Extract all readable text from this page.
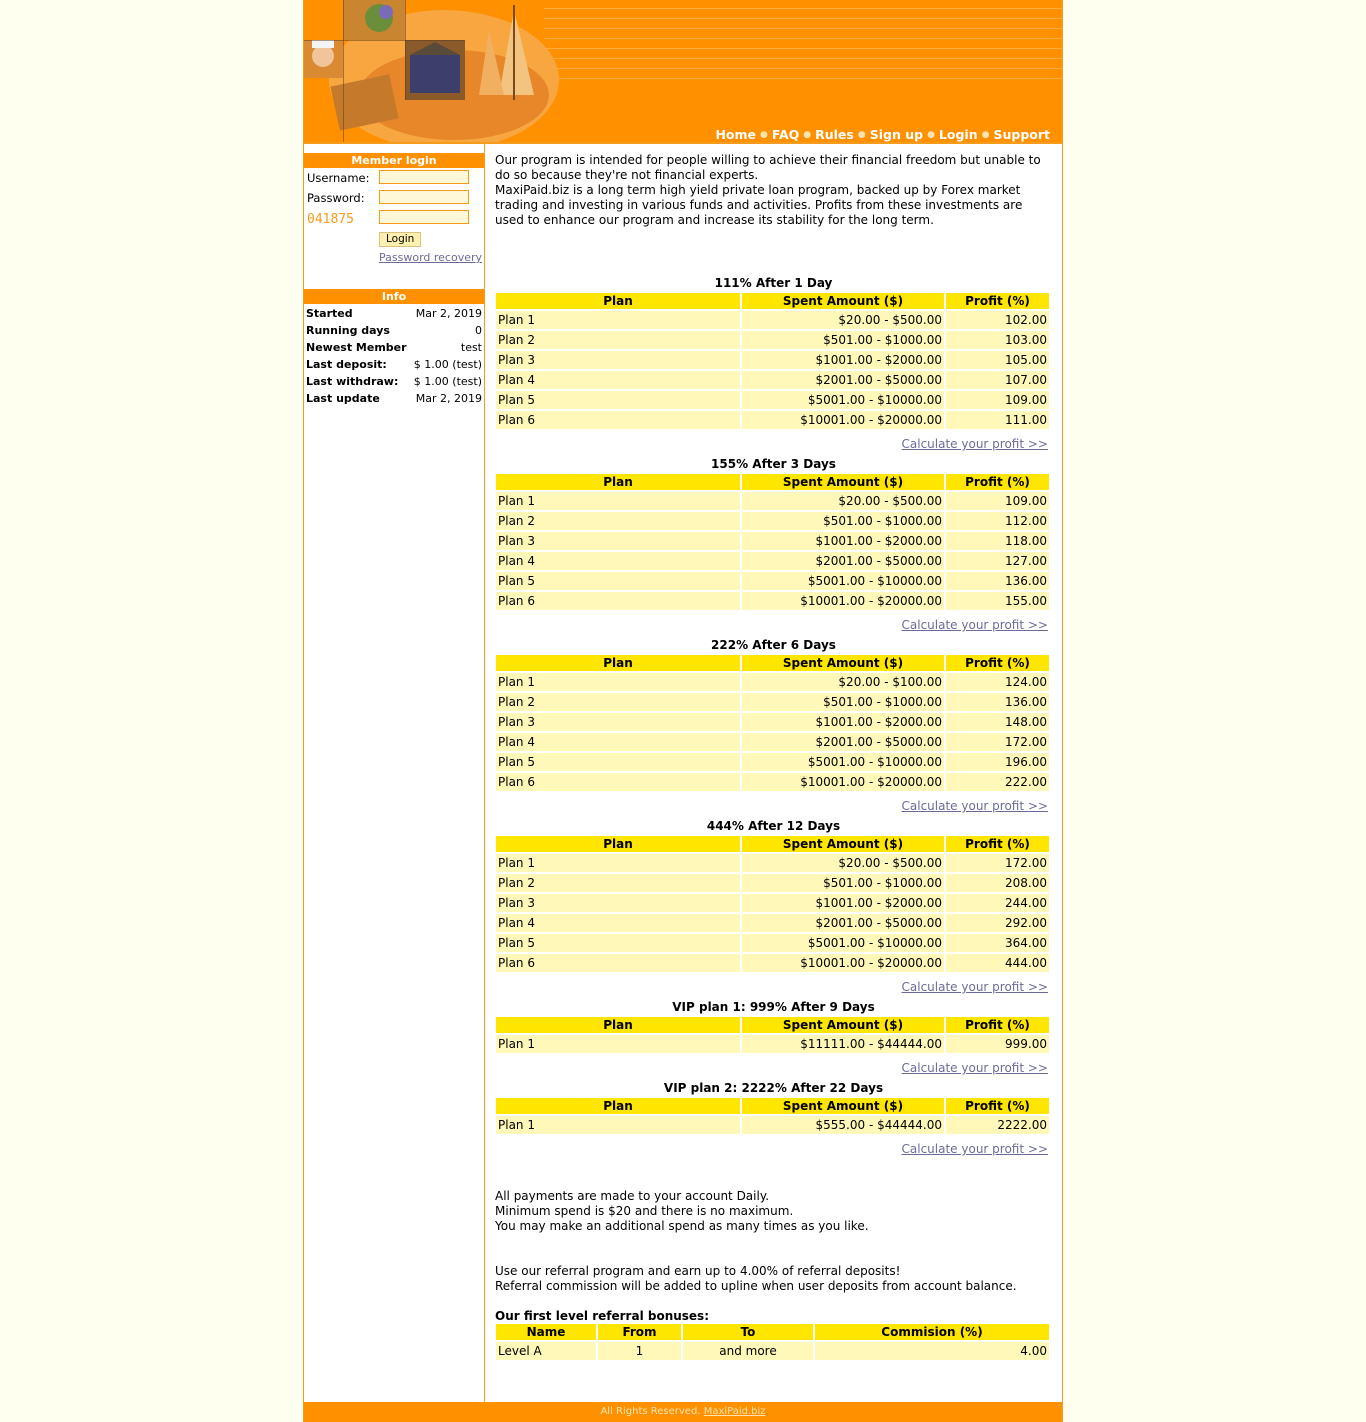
Home ● FAQ ● Rules ● Sign up ● Login ● Support
Member login
Username:
Password:
041875
Login
Password recovery
Info
Started	Mar 2, 2019
Running days	0
Newest Member	test
Last deposit: $ 1.00 (test)
Last withdraw: $ 1.00 (test)
Last update	Mar 2, 2019
Our program is intended for people willing to achieve their financial freedom but unable to
do so because they're not financial experts.
MaxiPaid.biz is a long term high yield private loan program, backed up by Forex market
trading and investing in various funds and activities. Profits from these investments are
used to enhance our program and increase its stability for the long term.
111% After 1 Day
Plan	Spent Amount ($)	Profit (%)
Plan 1	$20.00 - $500.00	102.00
Plan 2	$501.00 - $1000.00	103.00
Plan 3	$1001.00 - $2000.00	105.00
Plan 4	$2001.00 - $5000.00	107.00
Plan 5	$5001.00 - $10000.00	109.00
Plan 6	$10001.00 - $20000.00	111.00
Calculate your profit >>
155% After 3 Days
Plan	Spent Amount ($)	Profit (%)
Plan 1	$20.00 - $500.00	109.00
Plan 2	$501.00 - $1000.00	112.00
Plan 3	$1001.00 - $2000.00	118.00
Plan 4	$2001.00 - $5000.00	127.00
Plan 5	$5001.00 - $10000.00	136.00
Plan 6	$10001.00 - $20000.00	155.00
Calculate your profit >>
222% After 6 Days
Plan	Spent Amount ($)	Profit (%)
Plan 1	$20.00 - $100.00	124.00
Plan 2	$501.00 - $1000.00	136.00
Plan 3	$1001.00 - $2000.00	148.00
Plan 4	$2001.00 - $5000.00	172.00
Plan 5	$5001.00 - $10000.00	196.00
Plan 6	$10001.00 - $20000.00	222.00
Calculate your profit >>
444% After 12 Days
Plan	Spent Amount ($)	Profit (%)
Plan 1	$20.00 - $500.00	172.00
Plan 2	$501.00 - $1000.00	208.00
Plan 3	$1001.00 - $2000.00	244.00
Plan 4	$2001.00 - $5000.00	292.00
Plan 5	$5001.00 - $10000.00	364.00
Plan 6	$10001.00 - $20000.00	444.00
Calculate your profit >>
VIP plan 1: 999% After 9 Days
Plan	Spent Amount ($)	Profit (%)
Plan 1	$11111.00 - $44444.00	999.00
Calculate your profit >>
VIP plan 2: 2222% After 22 Days
Plan	Spent Amount ($)	Profit (%)
Plan 1	$555.00 - $44444.00	2222.00
Calculate your profit >>
All payments are made to your account Daily.
Minimum spend is $20 and there is no maximum.
You may make an additional spend as many times as you like.
Use our referral program and earn up to 4.00% of referral deposits!
Referral commission will be added to upline when user deposits from account balance.
Our first level referral bonuses:
Name	From	To	Commision (%)
Level A	1	and more	4.00
All Rights Reserved. MaxiPaid.biz
